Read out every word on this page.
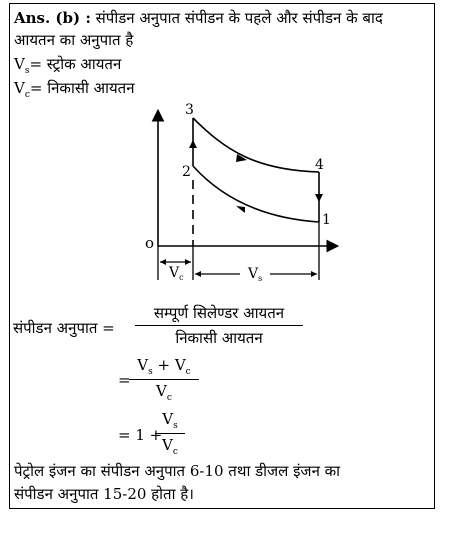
Ans. (b) : संपीडन अनुपात संपीडन के पहले और संपीडन के बाद
आयतन का अनुपात है
$V_s=$ स्ट्रोक आयतन
$V_c=$ निकासी आयतन
o
3
2	4
1
$V_c$	$V_s$
संपीडन अनुपात =
सम्पूर्ण सिलेण्डर आयतन
निकासी आयतन
=
$\frac{V_s + V_c}{V_c}$
= 1 +
$\frac{V_s}{V_c}$
पेट्रोल इंजन का संपीडन अनुपात 6-10 तथा डीजल इंजन का
संपीडन अनुपात 15-20 होता है।
